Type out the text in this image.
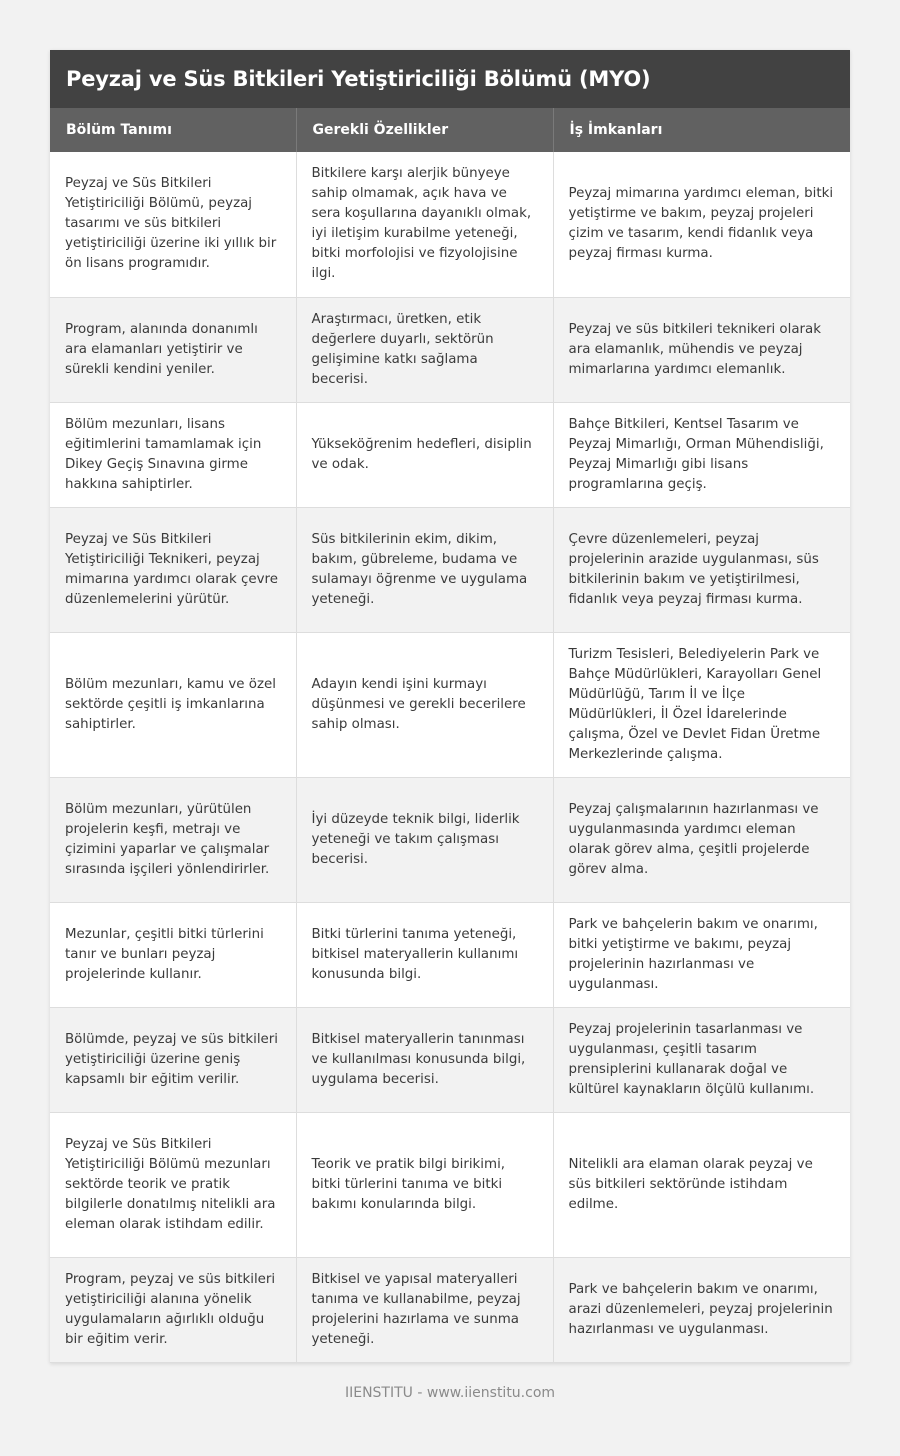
Peyzaj ve Süs Bitkileri Yetiştiriciliği Bölümü (MYO)
Bölüm Tanımı	Gerekli Özellikler	İş İmkanları
Peyzaj ve Süs Bitkileri Yetiştiriciliği Bölümü, peyzaj tasarımı ve süs bitkileri yetiştiriciliği üzerine iki yıllık bir ön lisans programıdır.	Bitkilere karşı alerjik bünyeye sahip olmamak, açık hava ve sera koşullarına dayanıklı olmak, iyi iletişim kurabilme yeteneği, bitki morfolojisi ve fizyolojisine ilgi.	Peyzaj mimarına yardımcı eleman, bitki yetiştirme ve bakım, peyzaj projeleri çizim ve tasarım, kendi fidanlık veya peyzaj firması kurma.
Program, alanında donanımlı ara elamanları yetiştirir ve sürekli kendini yeniler.	Araştırmacı, üretken, etik değerlere duyarlı, sektörün gelişimine katkı sağlama becerisi.	Peyzaj ve süs bitkileri teknikeri olarak ara elamanlık, mühendis ve peyzaj mimarlarına yardımcı elemanlık.
Bölüm mezunları, lisans eğitimlerini tamamlamak için Dikey Geçiş Sınavına girme hakkına sahiptirler.	Yükseköğrenim hedefleri, disiplin ve odak.	Bahçe Bitkileri, Kentsel Tasarım ve Peyzaj Mimarlığı, Orman Mühendisliği, Peyzaj Mimarlığı gibi lisans programlarına geçiş.
Peyzaj ve Süs Bitkileri Yetiştiriciliği Teknikeri, peyzaj mimarına yardımcı olarak çevre düzenlemelerini yürütür.	Süs bitkilerinin ekim, dikim, bakım, gübreleme, budama ve sulamayı öğrenme ve uygulama yeteneği.	Çevre düzenlemeleri, peyzaj projelerinin arazide uygulanması, süs bitkilerinin bakım ve yetiştirilmesi, fidanlık veya peyzaj firması kurma.
Bölüm mezunları, kamu ve özel sektörde çeşitli iş imkanlarına sahiptirler.	Adayın kendi işini kurmayı düşünmesi ve gerekli becerilere sahip olması.	Turizm Tesisleri, Belediyelerin Park ve Bahçe Müdürlükleri, Karayolları Genel Müdürlüğü, Tarım İl ve İlçe Müdürlükleri, İl Özel İdarelerinde çalışma, Özel ve Devlet Fidan Üretme Merkezlerinde çalışma.
Bölüm mezunları, yürütülen projelerin keşfi, metrajı ve çizimini yaparlar ve çalışmalar sırasında işçileri yönlendirirler.	İyi düzeyde teknik bilgi, liderlik yeteneği ve takım çalışması becerisi.	Peyzaj çalışmalarının hazırlanması ve uygulanmasında yardımcı eleman olarak görev alma, çeşitli projelerde görev alma.
Mezunlar, çeşitli bitki türlerini tanır ve bunları peyzaj projelerinde kullanır.	Bitki türlerini tanıma yeteneği, bitkisel materyallerin kullanımı konusunda bilgi.	Park ve bahçelerin bakım ve onarımı, bitki yetiştirme ve bakımı, peyzaj projelerinin hazırlanması ve uygulanması.
Bölümde, peyzaj ve süs bitkileri yetiştiriciliği üzerine geniş kapsamlı bir eğitim verilir.	Bitkisel materyallerin tanınması ve kullanılması konusunda bilgi, uygulama becerisi.	Peyzaj projelerinin tasarlanması ve uygulanması, çeşitli tasarım prensiplerini kullanarak doğal ve kültürel kaynakların ölçülü kullanımı.
Peyzaj ve Süs Bitkileri Yetiştiriciliği Bölümü mezunları sektörde teorik ve pratik bilgilerle donatılmış nitelikli ara eleman olarak istihdam edilir.	Teorik ve pratik bilgi birikimi, bitki türlerini tanıma ve bitki bakımı konularında bilgi.	Nitelikli ara elaman olarak peyzaj ve süs bitkileri sektöründe istihdam edilme.
Program, peyzaj ve süs bitkileri yetiştiriciliği alanına yönelik uygulamaların ağırlıklı olduğu bir eğitim verir.	Bitkisel ve yapısal materyalleri tanıma ve kullanabilme, peyzaj projelerini hazırlama ve sunma yeteneği.	Park ve bahçelerin bakım ve onarımı, arazi düzenlemeleri, peyzaj projelerinin hazırlanması ve uygulanması.
IIENSTITU - www.iienstitu.com
